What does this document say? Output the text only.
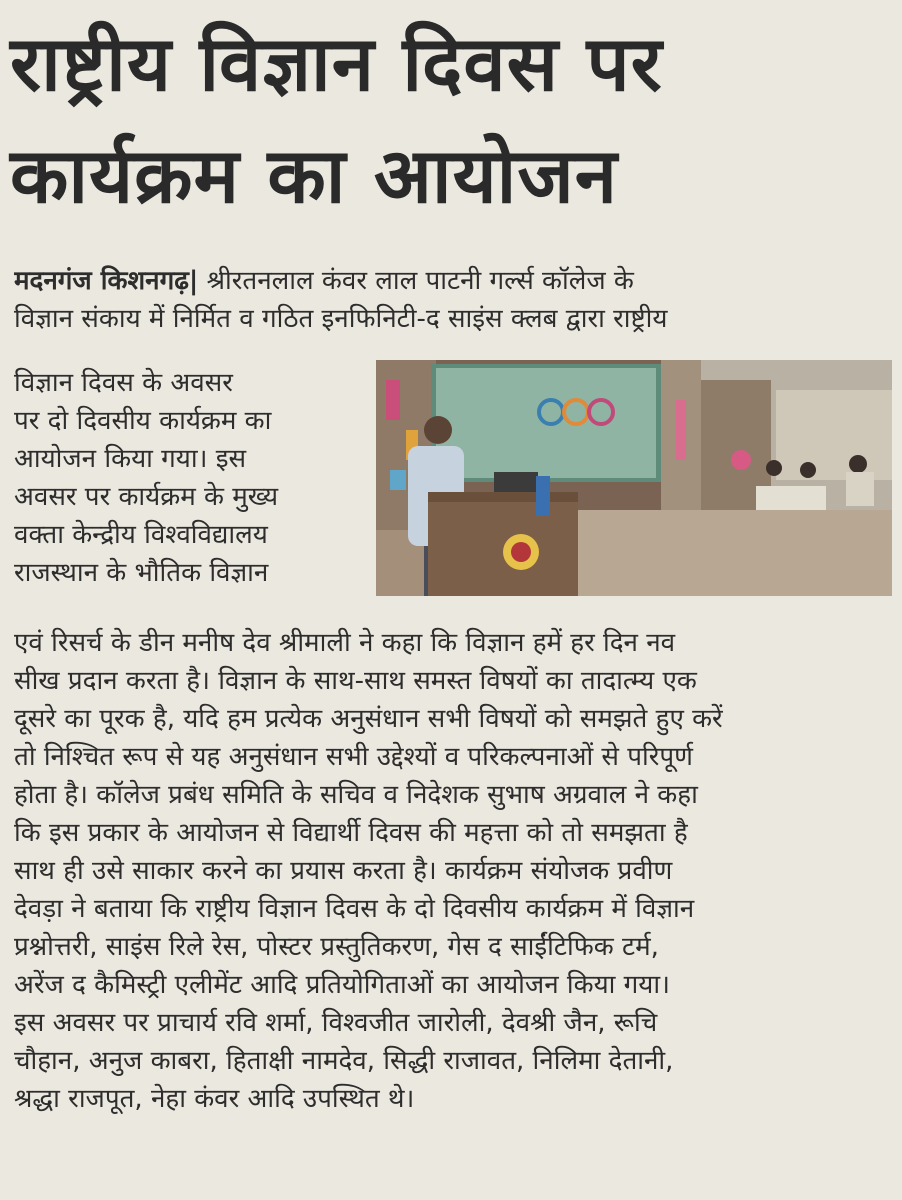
राष्ट्रीय विज्ञान दिवस पर
कार्यक्रम का आयोजन
मदनगंज किशनगढ़| श्रीरतनलाल कंवर लाल पाटनी गर्ल्स कॉलेज के
विज्ञान संकाय में निर्मित व गठित इनफिनिटी-द साइंस क्लब द्वारा राष्ट्रीय
विज्ञान दिवस के अवसर
पर दो दिवसीय कार्यक्रम का
आयोजन किया गया। इस
अवसर पर कार्यक्रम के मुख्य
वक्ता केन्द्रीय विश्वविद्यालय
राजस्थान के भौतिक विज्ञान
एवं रिसर्च के डीन मनीष देव श्रीमाली ने कहा कि विज्ञान हमें हर दिन नव
सीख प्रदान करता है। विज्ञान के साथ-साथ समस्त विषयों का तादात्म्य एक
दूसरे का पूरक है, यदि हम प्रत्येक अनुसंधान सभी विषयों को समझते हुए करें
तो निश्चित रूप से यह अनुसंधान सभी उद्देश्यों व परिकल्पनाओं से परिपूर्ण
होता है। कॉलेज प्रबंध समिति के सचिव व निदेशक सुभाष अग्रवाल ने कहा
कि इस प्रकार के आयोजन से विद्यार्थी दिवस की महत्ता को तो समझता है
साथ ही उसे साकार करने का प्रयास करता है। कार्यक्रम संयोजक प्रवीण
देवड़ा ने बताया कि राष्ट्रीय विज्ञान दिवस के दो दिवसीय कार्यक्रम में विज्ञान
प्रश्नोत्तरी, साइंस रिले रेस, पोस्टर प्रस्तुतिकरण, गेस द साईंटिफिक टर्म,
अरेंज द कैमिस्ट्री एलीमेंट आदि प्रतियोगिताओं का आयोजन किया गया।
इस अवसर पर प्राचार्य रवि शर्मा, विश्वजीत जारोली, देवश्री जैन, रूचि
चौहान, अनुज काबरा, हिताक्षी नामदेव, सिद्धी राजावत, निलिमा देतानी,
श्रद्धा राजपूत, नेहा कंवर आदि उपस्थित थे।
